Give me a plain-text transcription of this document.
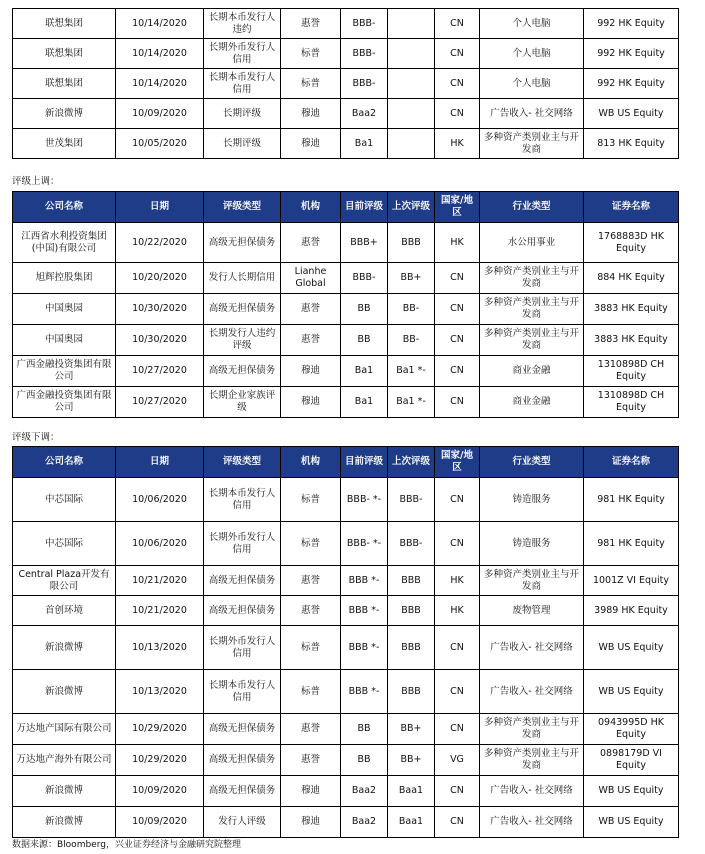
联想集团	10/14/2020	长期本币发行人违约	惠誉	BBB-		CN	个人电脑	992 HK Equity
联想集团	10/14/2020	长期外币发行人信用	标普	BBB-		CN	个人电脑	992 HK Equity
联想集团	10/14/2020	长期本币发行人信用	标普	BBB-		CN	个人电脑	992 HK Equity
新浪微博	10/09/2020	长期评级	穆迪	Baa2		CN	广告收入- 社交网络	WB US Equity
世茂集团	10/05/2020	长期评级	穆迪	Ba1		HK	多种资产类别业主与开发商	813 HK Equity
评级上调：
公司名称	日期	评级类型	机构	目前评级	上次评级	国家/地区	行业类型	证券名称
江西省水利投资集团(中国)有限公司	10/22/2020	高级无担保债务	惠誉	BBB+	BBB	HK	水公用事业	1768883D HK Equity
旭辉控股集团	10/20/2020	发行人长期信用	Lianhe Global	BBB-	BB+	CN	多种资产类别业主与开发商	884 HK Equity
中国奥园	10/30/2020	高级无担保债务	惠誉	BB	BB-	CN	多种资产类别业主与开发商	3883 HK Equity
中国奥园	10/30/2020	长期发行人违约评级	惠誉	BB	BB-	CN	多种资产类别业主与开发商	3883 HK Equity
广西金融投资集团有限公司	10/27/2020	高级无担保债务	穆迪	Ba1	Ba1 *-	CN	商业金融	1310898D CH Equity
广西金融投资集团有限公司	10/27/2020	长期企业家族评级	穆迪	Ba1	Ba1 *-	CN	商业金融	1310898D CH Equity
评级下调：
公司名称	日期	评级类型	机构	目前评级	上次评级	国家/地区	行业类型	证券名称
中芯国际	10/06/2020	长期本币发行人信用	标普	BBB- *-	BBB-	CN	铸造服务	981 HK Equity
中芯国际	10/06/2020	长期外币发行人信用	标普	BBB- *-	BBB-	CN	铸造服务	981 HK Equity
Central Plaza开发有限公司	10/21/2020	高级无担保债务	惠誉	BBB *-	BBB	HK	多种资产类别业主与开发商	1001Z VI Equity
首创环境	10/21/2020	高级无担保债务	惠誉	BBB *-	BBB	HK	废物管理	3989 HK Equity
新浪微博	10/13/2020	长期外币发行人信用	标普	BBB *-	BBB	CN	广告收入- 社交网络	WB US Equity
新浪微博	10/13/2020	长期本币发行人信用	标普	BBB *-	BBB	CN	广告收入- 社交网络	WB US Equity
万达地产国际有限公司	10/29/2020	高级无担保债务	惠誉	BB	BB+	CN	多种资产类别业主与开发商	0943995D HK Equity
万达地产海外有限公司	10/29/2020	高级无担保债务	惠誉	BB	BB+	VG	多种资产类别业主与开发商	0898179D VI Equity
新浪微博	10/09/2020	高级无担保债务	穆迪	Baa2	Baa1	CN	广告收入- 社交网络	WB US Equity
新浪微博	10/09/2020	发行人评级	穆迪	Baa2	Baa1	CN	广告收入- 社交网络	WB US Equity
数据来源：Bloomberg，兴业证券经济与金融研究院整理
